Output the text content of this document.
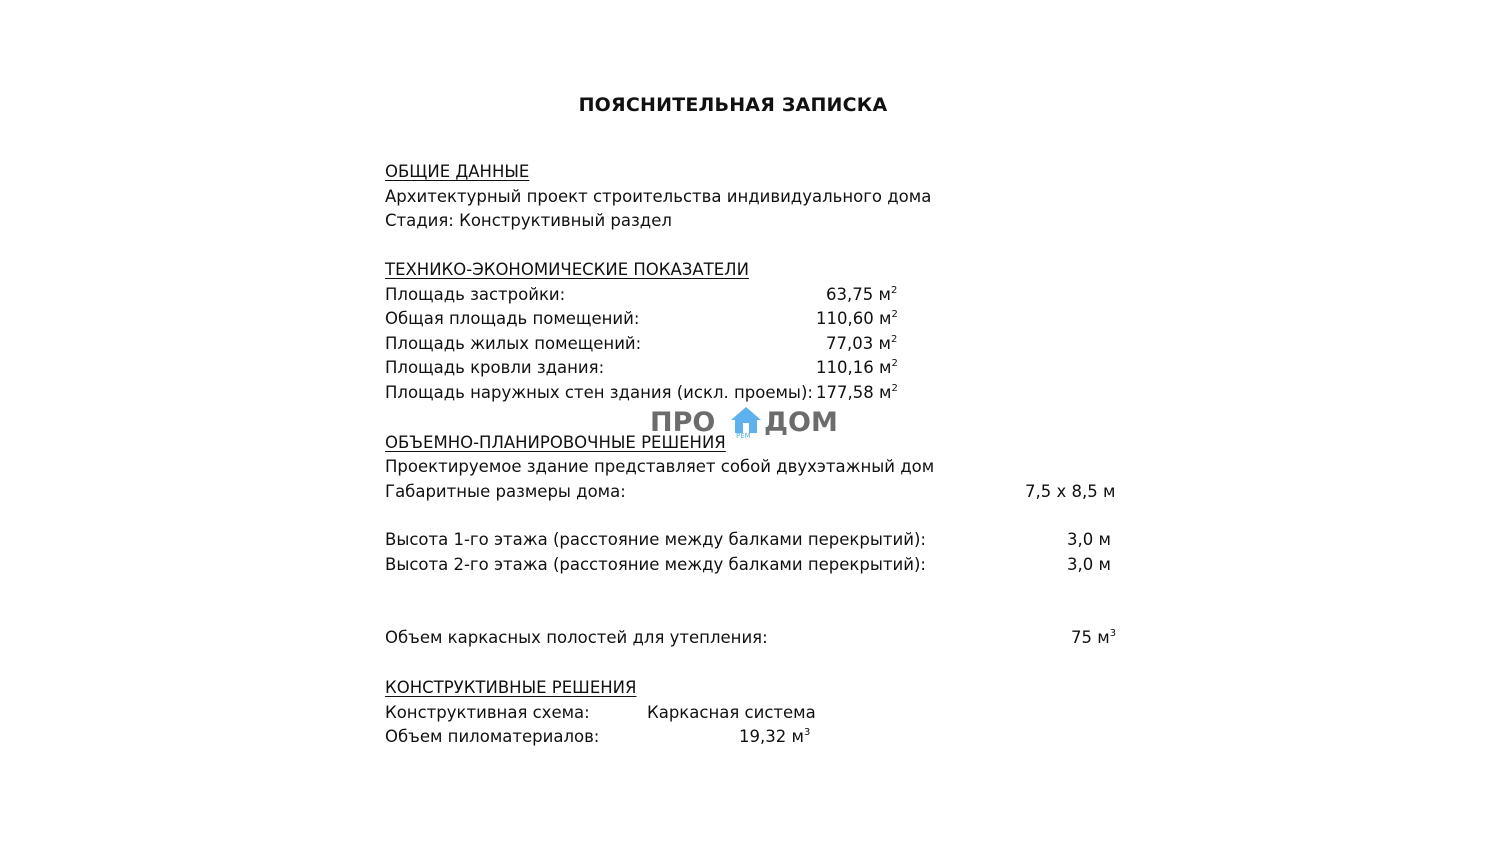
ПОЯСНИТЕЛЬНАЯ ЗАПИСКА
ОБЩИЕ ДАННЫЕ
Архитектурный проект строительства индивидуального дома
Стадия: Конструктивный раздел
ТЕХНИКО-ЭКОНОМИЧЕСКИЕ ПОКАЗАТЕЛИ
Площадь застройки:	63,75 $м^2$
Общая площадь помещений:	110,60 $м^2$
Площадь жилых помещений:	77,03 $м^2$
Площадь кровли здания:	110,16 $м^2$
Площадь наружных стен здания (искл. проемы): 177,58 $м^2$
ОБЪЕМНО-ПЛАНИРОВОЧНЫЕ РЕШЕНИЯ
ПРО	РЕМ ДОМ
Проектируемое здание представляет собой двухэтажный дом
Габаритные размеры дома:	7,5 х 8,5 м
Высота 1-го этажа (расстояние между балками перекрытий):	3,0 м
Высота 2-го этажа (расстояние между балками перекрытий):	3,0 м
Объем каркасных полостей для утепления:	75 $м^3$
КОНСТРУКТИВНЫЕ РЕШЕНИЯ
Конструктивная схема:	Каркасная система
Объем пиломатериалов:	19,32 $м^3$
